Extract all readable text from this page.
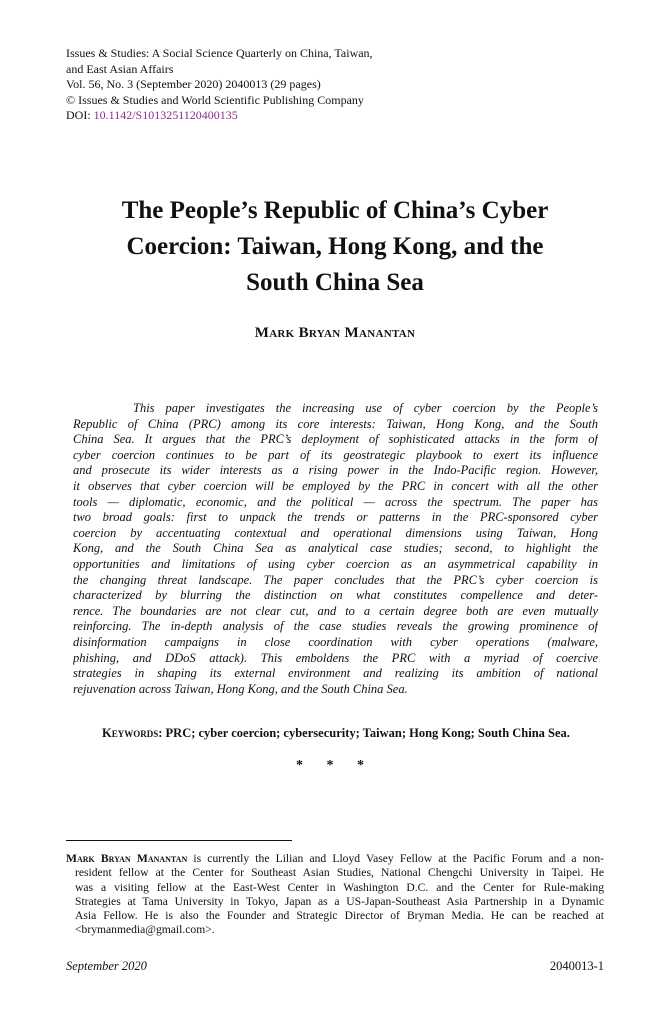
Issues & Studies: A Social Science Quarterly on China, Taiwan,
and East Asian Affairs
Vol. 56, No. 3 (September 2020) 2040013 (29 pages)
© Issues & Studies and World Scientific Publishing Company
DOI: 10.1142/S1013251120400135
The People’s Republic of China’s Cyber
Coercion: Taiwan, Hong Kong, and the
South China Sea
Mark Bryan Manantan
This paper investigates the increasing use of cyber coercion by the People’s
Republic of China (PRC) among its core interests: Taiwan, Hong Kong, and the South
China Sea. It argues that the PRC’s deployment of sophisticated attacks in the form of
cyber coercion continues to be part of its geostrategic playbook to exert its influence
and prosecute its wider interests as a rising power in the Indo-Pacific region. However,
it observes that cyber coercion will be employed by the PRC in concert with all the other
tools — diplomatic, economic, and the political — across the spectrum. The paper has
two broad goals: first to unpack the trends or patterns in the PRC-sponsored cyber
coercion by accentuating contextual and operational dimensions using Taiwan, Hong
Kong, and the South China Sea as analytical case studies; second, to highlight the
opportunities and limitations of using cyber coercion as an asymmetrical capability in
the changing threat landscape. The paper concludes that the PRC’s cyber coercion is
characterized by blurring the distinction on what constitutes compellence and deter-
rence. The boundaries are not clear cut, and to a certain degree both are even mutually
reinforcing. The in-depth analysis of the case studies reveals the growing prominence of
disinformation campaigns in close coordination with cyber operations (malware,
phishing, and DDoS attack). This emboldens the PRC with a myriad of coercive
strategies in shaping its external environment and realizing its ambition of national
rejuvenation across Taiwan, Hong Kong, and the South China Sea.
Keywords: PRC; cyber coercion; cybersecurity; Taiwan; Hong Kong; South China Sea.
* * *
Mark Bryan Manantan is currently the Lilian and Lloyd Vasey Fellow at the Pacific Forum and a non-
resident fellow at the Center for Southeast Asian Studies, National Chengchi University in Taipei. He
was a visiting fellow at the East-West Center in Washington D.C. and the Center for Rule-making
Strategies at Tama University in Tokyo, Japan as a US-Japan-Southeast Asia Partnership in a Dynamic
Asia Fellow. He is also the Founder and Strategic Director of Bryman Media. He can be reached at
<brymanmedia@gmail.com>.
September 2020	2040013-1
